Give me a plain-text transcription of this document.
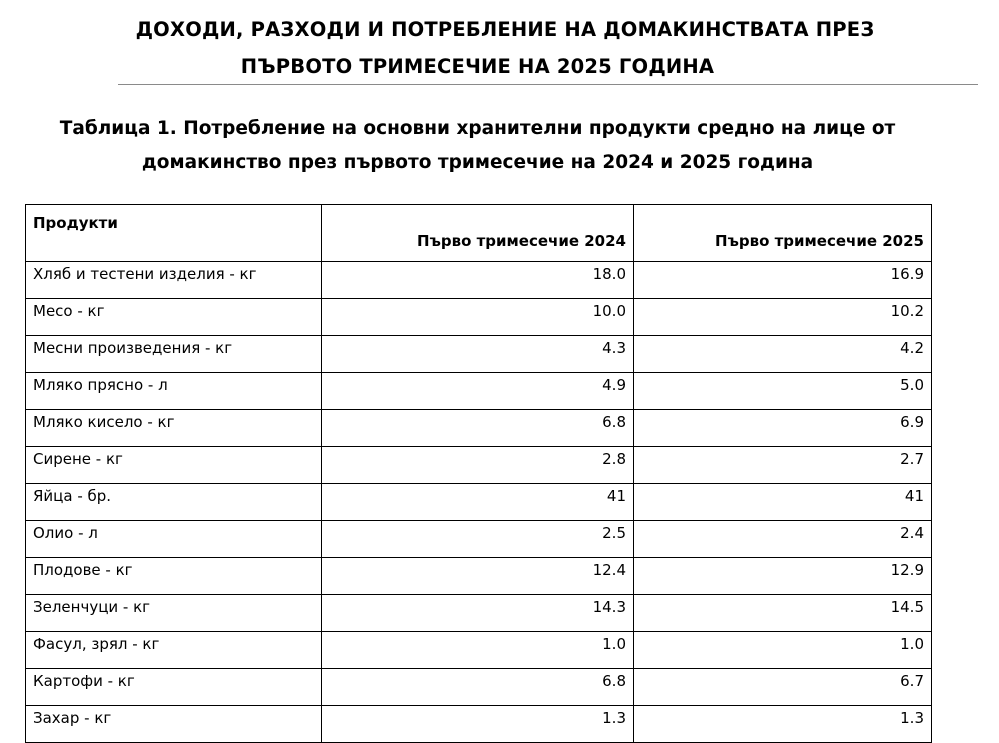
ДОХОДИ, РАЗХОДИ И ПОТРЕБЛЕНИЕ НА ДОМАКИНСТВАТА ПРЕЗ
ПЪРВОТО ТРИМЕСЕЧИЕ НА 2025 ГОДИНА
Таблица 1. Потребление на основни хранителни продукти средно на лице от
домакинство през първото тримесечие на 2024 и 2025 година
Продукти	Първо тримесечие 2024	Първо тримесечие 2025
Хляб и тестени изделия - кг	18.0	16.9
Месо - кг	10.0	10.2
Месни произведения - кг	4.3	4.2
Мляко прясно - л	4.9	5.0
Мляко кисело - кг	6.8	6.9
Сирене - кг	2.8	2.7
Яйца - бр.	41	41
Олио - л	2.5	2.4
Плодове - кг	12.4	12.9
Зеленчуци - кг	14.3	14.5
Фасул, зрял - кг	1.0	1.0
Картофи - кг	6.8	6.7
Захар - кг	1.3	1.3
